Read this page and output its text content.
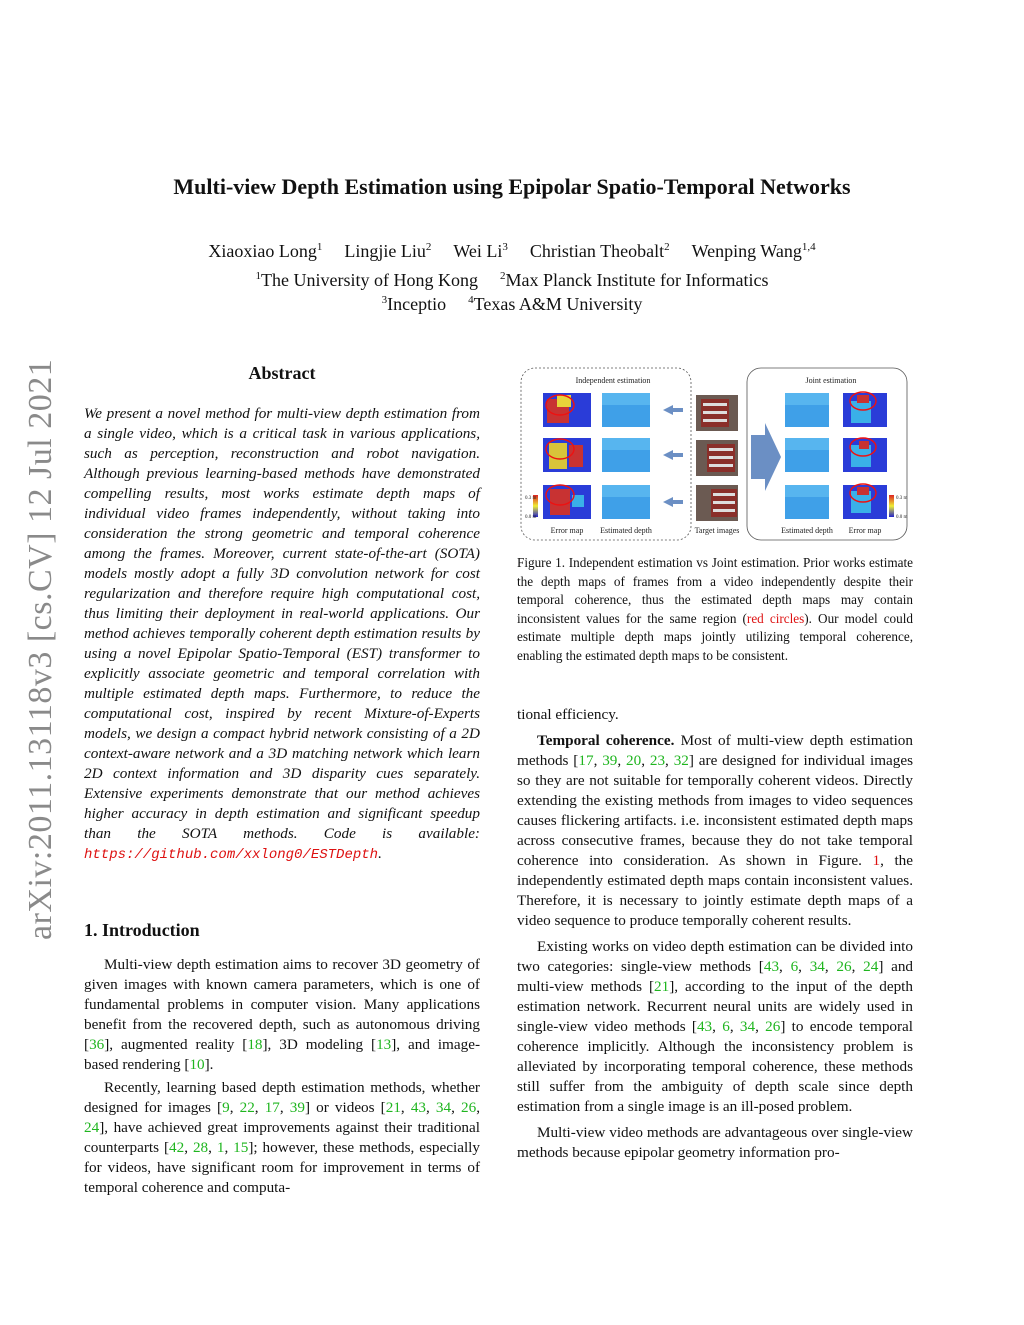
arXiv:2011.13118v3 [cs.CV] 12 Jul 2021
Multi-view Depth Estimation using Epipolar Spatio-Temporal Networks
Xiaoxiao Long$^1$ Lingjie Liu$^2$ Wei Li$^3$ Christian Theobalt$^2$ Wenping Wang$^{1,4}$
$^1$The University of Hong Kong $^2$Max Planck Institute for Informatics
$^3$Inceptio $^4$Texas A&M University
Abstract
We present a novel method for multi-view depth estimation from a single video, which is a critical task in various applications, such as perception, reconstruction and robot navigation. Although previous learning-based methods have demonstrated compelling results, most works estimate depth maps of individual video frames independently, without taking into consideration the strong geometric and temporal coherence among the frames. Moreover, current state-of-the-art (SOTA) models mostly adopt a fully 3D convolution network for cost regularization and therefore require high computational cost, thus limiting their deployment in real-world applications. Our method achieves temporally coherent depth estimation results by using a novel Epipolar Spatio-Temporal (EST) transformer to explicitly associate geometric and temporal correlation with multiple estimated depth maps. Furthermore, to reduce the computational cost, inspired by recent Mixture-of-Experts models, we design a compact hybrid network consisting of a 2D context-aware network and a 3D matching network which learn 2D context information and 3D disparity cues separately. Extensive experiments demonstrate that our method achieves higher accuracy in depth estimation and significant speedup than the SOTA methods. Code is available: https://github.com/xxlong0/ESTDepth.
1. Introduction

Multi-view depth estimation aims to recover 3D geometry of given images with known camera parameters, which is one of fundamental problems in computer vision. Many applications benefit from the recovered depth, such as autonomous driving [36], augmented reality [18], 3D modeling [13], and image-based rendering [10].

Recently, learning based depth estimation methods, whether designed for images [9, 22, 17, 39] or videos [21, 43, 34, 26, 24], have achieved great improvements against their traditional counterparts [42, 28, 1, 15]; however, these methods, especially for videos, have significant room for improvement in terms of temporal coherence and computa-

Independent estimation	Joint estimation
0.3 m
0.0 m
Error map Estimated depth	Target images
0.3 m
0.0 m
Estimated depth Error map
Figure 1. Independent estimation vs Joint estimation. Prior works estimate the depth maps of frames from a video independently despite their temporal coherence, thus the estimated depth maps may contain inconsistent values for the same region (red circles). Our model could estimate multiple depth maps jointly utilizing temporal coherence, enabling the estimated depth maps to be consistent.

tional efficiency.

Temporal coherence. Most of multi-view depth estimation methods [17, 39, 20, 23, 32] are designed for individual images so they are not suitable for temporally coherent videos. Directly extending the existing methods from images to video sequences causes flickering artifacts. i.e. inconsistent estimated depth maps across consecutive frames, because they do not take temporal coherence into consideration. As shown in Figure. 1, the independently estimated depth maps contain inconsistent values. Therefore, it is necessary to jointly estimate depth maps of a video sequence to produce temporally coherent results.

Existing works on video depth estimation can be divided into two categories: single-view methods [43, 6, 34, 26, 24] and multi-view methods [21], according to the input of the depth estimation network. Recurrent neural units are widely used in single-view video methods [43, 6, 34, 26] to encode temporal coherence implicitly. Although the inconsistency problem is alleviated by incorporating temporal coherence, these methods still suffer from the ambiguity of depth scale since depth estimation from a single image is an ill-posed problem.

Multi-view video methods are advantageous over single-view methods because epipolar geometry information pro-
